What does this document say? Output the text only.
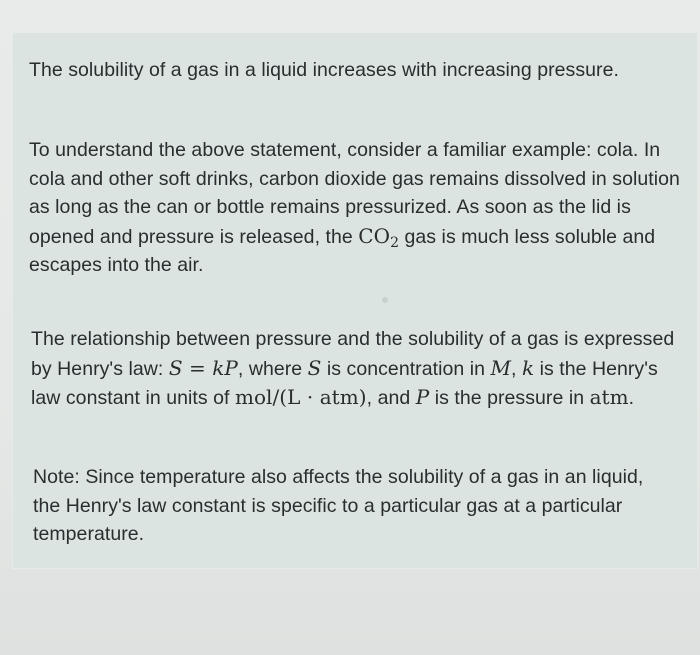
The solubility of a gas in a liquid increases with increasing pressure.
To understand the above statement, consider a familiar example: cola. In cola and other soft drinks, carbon dioxide gas remains dissolved in solution as long as the can or bottle remains pressurized. As soon as the lid is opened and pressure is released, the $CO_2$ gas is much less soluble and escapes into the air.
The relationship between pressure and the solubility of a gas is expressed by Henry's law: S = kP, where S is concentration in M, k is the Henry's law constant in units of mol/(L · atm), and P is the pressure in atm.
Note: Since temperature also affects the solubility of a gas in an liquid, the Henry's law constant is specific to a particular gas at a particular temperature.
